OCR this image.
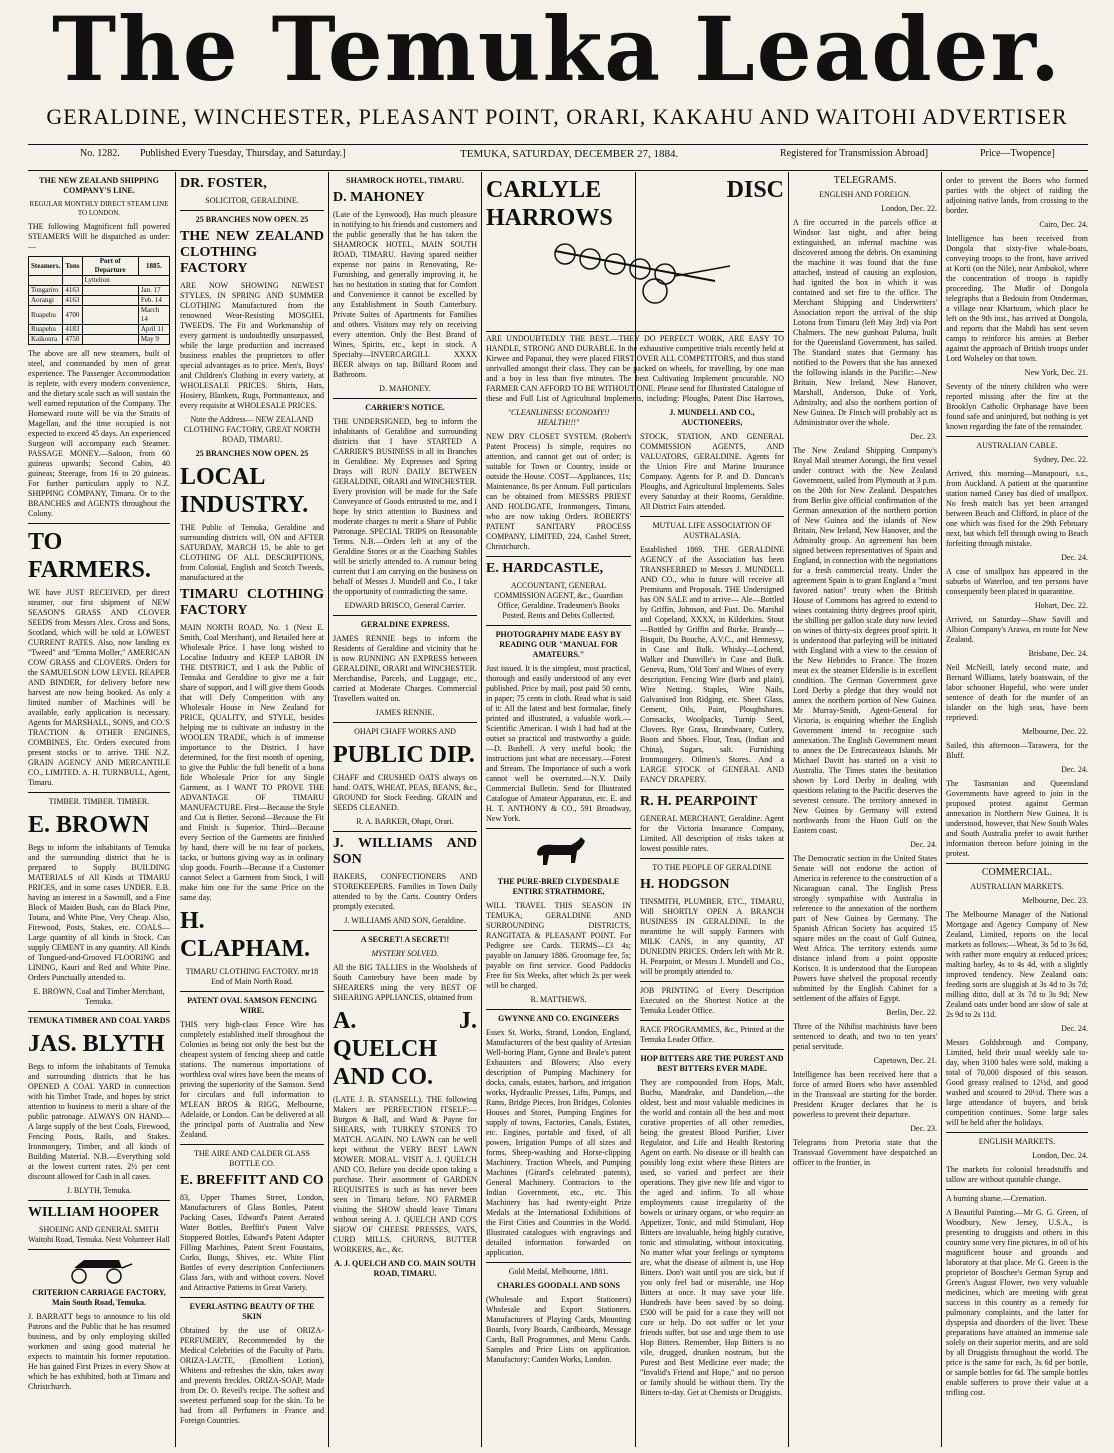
The Temuka Leader.
GERALDINE, WINCHESTER, PLEASANT POINT, ORARI, KAKAHU AND WAITOHI ADVERTISER
No. 1282. Published Every Tuesday, Thursday, and Saturday.]	TEMUKA, SATURDAY, DECEMBER 27, 1884.	Registered for Transmission Abroad]	Price—Twopence]

THE NEW ZEALAND SHIPPING COMPANY'S LINE.

REGULAR MONTHLY DIRECT STEAM LINE TO LONDON.

THE following Magnificent full powered STEAMERS Will be dispatched as under:—

Steamers.	Tons	Port of Departure	1885.
		Lyttelton	
Tongariro	4163		Jan. 17
Aorangi	4163		Feb. 14
Ruapehu	4700		March 14
Ruapehu	4183		April 11
Kaikoura	4750		May 9

The above are all new steamers, built of steel, and commanded by men of great experience. The Passenger Accommodation is replete, with every modern convenience, and the dietary scale such as will sustain the well earned reputation of the Company. The Homeward route will be via the Straits of Magellan, and the time occupied is not expected to exceed 45 days. An experienced Surgeon will accompany each Steamer. PASSAGE MONEY.—Saloon, from 60 guineas upwards; Second Cabin, 40 guineas; Steerage, from 16 to 20 guineas. For further particulars apply to N.Z. SHIPPING COMPANY, Timaru. Or to the BRANCHES and AGENTS throughout the Colony.

TO FARMERS.

WE have JUST RECEIVED, per direct steamer, our first shipment of NEW SEASON'S GRASS AND CLOVER SEEDS from Messrs Alex. Cross and Sons, Scotland, which will be sold at LOWEST CURRENT RATES. Also, now landing ex "Tweed" and "Emma Moller," AMERICAN COW GRASS and CLOVERS. Orders for the SAMUELSON LOW LEVEL REAPER AND BINDER, for delivery before new harvest are now being booked. As only a limited number of Machines will be available, early application is necessary. Agents for MARSHALL, SONS, and CO.'S TRACTION & OTHER ENGINES, COMBINES, Etc. Orders executed from present stocks or to arrive. THE N.Z. GRAIN AGENCY AND MERCANTILE CO., LIMITED. A. H. TURNBULL, Agent, Timaru.

TIMBER. TIMBER. TIMBER.

E. BROWN

Begs to inform the inhabitants of Temuka and the surrounding district that he is prepared to Supply BUILDING MATERIALS of All Kinds at TIMARU PRICES, and in some cases UNDER. E.B. having an interest in a Sawmill, and a Fine Block of Maiden Bush, can do Black Pine, Totara, and White Pine, Very Cheap. Also, Firewood, Posts, Stakes, etc. COALS—Large quantity of all kinds in Stock. Can supply CEMENT in any quantity. All Kinds of Tongued-and-Grooved FLOORING and LINING, Kauri and Red and White Pine. Orders Punctually attended to.

E. BROWN, Coal and Timber Merchant, Temuka.

TEMUKA TIMBER AND COAL YARDS

JAS. BLYTH

Begs to inform the inhabitants of Temuka and surrounding districts that he has OPENED A COAL YARD in connection with his Timber Trade, and hopes by strict attention to business to merit a share of the public patronage. ALWAYS ON HAND— A large supply of the best Coals, Firewood, Fencing Posts, Rails, and Stakes. Ironmongery, Timber, and all kinds of Building Material. N.B.—Everything sold at the lowest current rates. 2½ per cent discount allowed for Cash in all cases.

J. BLYTH, Temuka.

WILLIAM HOOPER

SHOEING AND GENERAL SMITH Waitohi Road, Temuka. Next Volunteer Hall

CRITERION CARRIAGE FACTORY, Main South Road, Temuka.

J. BARRATT begs to announce to his old Patrons and the Public that he has resumed business, and by only employing skilled workmen and using good material he expects to maintain his former reputation. He has gained First Prizes in every Show at which he has exhibited, both at Timaru and Christchurch.

DR. FOSTER,

SOLICITOR, GERALDINE.

25 BRANCHES NOW OPEN. 25

THE NEW ZEALAND CLOTHING FACTORY

ARE NOW SHOWING NEWEST STYLES, IN SPRING AND SUMMER CLOTHING Manufactured from the renowned Wear-Resisting MOSGIEL TWEEDS. The Fit and Workmanship of every garment is undoubtedly unsurpassed, while the large production and increased business enables the proprietors to offer special advantages as to price. Men's, Boys' and Children's Clothing in every variety, at WHOLESALE PRICES. Shirts, Hats, Hosiery, Blankets, Rugs, Portmanteaux, and every requisite at WHOLESALE PRICES.

Note the Address— NEW ZEALAND CLOTHING FACTORY, GREAT NORTH ROAD, TIMARU.

25 BRANCHES NOW OPEN. 25

LOCAL INDUSTRY.

THE Public of Temuka, Geraldine and surrounding districts will, ON and AFTER SATURDAY, MARCH 15, be able to get CLOTHING OF ALL DESCRIPTIONS, from Colonial, English and Scotch Tweeds, manufactured at the

TIMARU CLOTHING FACTORY

MAIN NORTH ROAD, No. 1 (Next E. Smith, Coal Merchant), and Retailed here at Wholesale Price. I have long wished to Localise Industry and KEEP LABOR IN THE DISTRICT, and I ask the Public of Temuka and Geraldine to give me a fair share of support, and I will give them Goods that will Defy Competition with any Wholesale House in New Zealand for PRICE, QUALITY, and STYLE, besides helping me to cultivate an industry in the WOOLEN TRADE, which is of immense importance to the District. I have determined, for the first month of opening, to give the Public the full benefit of a bona fide Wholesale Price for any Single Garment, as I WANT TO PROVE THE ADVANTAGE OF TIMARU MANUFACTURE. First—Because the Style and Cut is Better. Second—Because the Fit and Finish is Superior. Third—Because every Section of the Garments are finished by hand, there will be no fear of pockets, tacks, or buttons giving way as in ordinary slop goods. Fourth—Because if a Customer cannot Select a Garment from Stock, I will make him one for the same Price on the same day.

H. CLAPHAM.

TIMARU CLOTHING FACTORY. mr18 End of Main North Road.

PATENT OVAL SAMSON FENCING WIRE.

THIS very high-class Fence Wire has completely established itself throughout the Colonies as being not only the best but the cheapest system of fencing sheep and cattle stations. The numerous importations of worthless oval wires have been the means of proving the superiority of the Samson. Send for circulars and full information to M'LEAN BROS & RIGG, Melbourne, Adelaide, or London. Can be delivered at all the principal ports of Australia and New Zealand.

THE AIRE AND CALDER GLASS BOTTLE CO.

E. BREFFITT AND CO

83, Upper Thames Street, London, Manufacturers of Glass Bottles, Patent Packing Cases, Edward's Patent Aerated Water Bottles, Breffitt's Patent Valve Stoppered Bottles, Edward's Patent Adapter Filling Machines, Patent Scent Fountains, Corks, Bungs, Shives, etc. White Flint Bottles of every description Confectioners Glass Jars, with and without covers. Novel and Attractive Patterns in Great Variety.

EVERLASTING BEAUTY OF THE SKIN

Obtained by the use of ORIZA-PERFUMERY, Recommended by the Medical Celebrities of the Faculty of Paris. ORIZA-LACTE, (Emollient Lotion), Whitens and refreshes the skin, takes away and prevents freckles. ORIZA-SOAP, Made from Dr. O. Reveil's recipe. The softest and sweetest perfumed soap for the skin. To be had from all Perfumers in France and Foreign Countries.

SHAMROCK HOTEL, TIMARU.

D. MAHONEY

(Late of the Lynwood), Has much pleasure in notifying to his friends and customers and the public generally that he has taken the SHAMROCK HOTEL, MAIN SOUTH ROAD, TIMARU. Having spared neither expense nor pains in Renovating, Re-Furnishing, and generally improving it, he has no hesitation in stating that for Comfort and Convenience it cannot be excelled by any Establishment in South Canterbury. Private Suites of Apartments for Families and others. Visitors may rely on receiving every attention. Only the Best Brand of Wines, Spirits, etc., kept in stock. A Specialty—INVERCARGILL XXXX BEER always on tap. Billiard Room and Bathroom.

D. MAHONEY.

CARRIER'S NOTICE.

THE UNDERSIGNED, beg to inform the inhabitants of Geraldine and surrounding districts that I have STARTED A CARRIER'S BUSINESS in all its Branches in Geraldine. My Expresses and Spring Drays will RUN DAILY BETWEEN GERALDINE, ORARI and WINCHESTER. Every provision will be made for the Safe Conveyance of Goods entrusted to me, and I hope by strict attention to Business and moderate charges to merit a Share of Public Patronage. SPECIAL TRIPS on Reasonable Terms. N.B.—Orders left at any of the Geraldine Stores or at the Coaching Stables will be strictly attended to. A rumour being current that I am carrying on the business on behalf of Messrs J. Mundell and Co., I take the opportunity of contradicting the same.

EDWARD BRISCO, General Carrier.

GERALDINE EXPRESS.

JAMES RENNIE begs to inform the Residents of Geraldine and vicinity that he is now RUNNING AN EXPRESS between GERALDINE, ORARI and WINCHESTER. Merchandise, Parcels, and Luggage, etc., carried at Moderate Charges. Commercial Travellers waited on.

JAMES RENNIE.

OHAPI CHAFF WORKS AND

PUBLIC DIP.

CHAFF and CRUSHED OATS always on hand. OATS, WHEAT, PEAS, BEANS, &c., GROUND for Stock Feeding. GRAIN and SEEDS CLEANED.

R. A. BARKER, Ohapi, Orari.

J. WILLIAMS AND SON

BAKERS, CONFECTIONERS AND STOREKEEPERS. Families in Town Daily attended to by the Carts. Country Orders promptly executed.

J. WILLIAMS AND SON, Geraldine.

A SECRET! A SECRET!!

MYSTERY SOLVED.

All the BIG TALLIES in the Woolsheds of South Canterbury have been made by SHEARERS using the very BEST OF SHEARING APPLIANCES, obtained from

A. J. QUELCH AND CO.

(LATE J. B. STANSELL). THE following Makers are PERFECTION ITSELF:—Burgon & Ball, and Ward & Payne for SHEARS, with TURKEY STONES TO MATCH. AGAIN. NO LAWN can be well kept without the VERY BEST LAWN MOWER. MORAL. VISIT A. J. QUELCH AND CO. Before you decide upon taking a purchase. Their assortment of GARDEN REQUISITES is such as has never been seen in Timaru before. NO FARMER visiting the SHOW should leave Timaru without seeing A. J. QUELCH AND CO'S SHOW OF CHEESE PRESSES, VATS, CURD MILLS, CHURNS, BUTTER WORKERS, &c., &c.

A. J. QUELCH AND CO. MAIN SOUTH ROAD, TIMARU.

CARLYLE DISC HARROWS

ARE UNDOUBTEDLY THE BEST.—THEY DO PERFECT WORK, ARE EASY TO HANDLE, STRONG AND DURABLE. In the exhaustive competitive trials recently held at Kirwee and Papanui, they were placed FIRST OVER ALL COMPETITORS, and thus stand unrivalled amongst their class. They can be packed on wheels, for travelling, by one man and a boy in less than five minutes. The best Cultivating Implement procurable. NO FARMER CAN AFFORD TO BE WITHOUT ONE. Please send for Illustrated Catalogue of these and Full List of Agricultural Implements, including: Ploughs, Patent Disc Harrows,

"CLEANLINESS! ECONOMY!! HEALTH!!!"

NEW DRY CLOSET SYSTEM. (Robert's Patent Process) Is simple, requires no attention, and cannot get out of order; is suitable for Town or Country, inside or outside the House. COST—Appliances, 11s; Maintenance, 8s per Annum. Full particulars can be obtained from MESSRS PRIEST AND HOLDGATE, Ironmongers, Timaru, who are now taking Orders. ROBERTS' PATENT SANITARY PROCESS COMPANY, LIMITED, 224, Cashel Street, Christchurch.

E. HARDCASTLE,

ACCOUNTANT, GENERAL COMMISSION AGENT, &c., Guardian Office, Geraldine. Tradesmen's Books Posted. Rents and Debts Collected.

PHOTOGRAPHY MADE EASY BY READING OUR "MANUAL FOR AMATEURS."

Just issued. It is the simplest, most practical, thorough and easily understood of any ever published. Price by mail, post paid 50 cents, in paper; 75 cents in cloth. Read what is said of it: All the latest and best formulae, finely printed and illustrated, a valuable work.—Scientific American. I wish I had had at the outset so practical and trustworthy a guide.—D. Bushell. A very useful book; the instructions just what are necessary.—Forest and Stream. The Importance of such a work cannot well be overrated.—N.Y. Daily Commercial Bulletin. Send for Illustrated Catalogue of Amateur Apparatus, etc. E. and H. T. ANTHONY & CO., 591 Broadway, New York.

THE PURE-BRED CLYDESDALE ENTIRE STRATHMORE,

WILL TRAVEL THIS SEASON IN TEMUKA, GERALDINE AND SURROUNDING DISTRICTS, RANGITATA & PLEASANT POINT. For Pedigree see Cards. TERMS—£3 4s; payable on January 1886. Groomage fee, 5s; payable on first service. Good Paddocks Free for Six Weeks, after which 2s per week will be charged.

R. MATTHEWS.

GWYNNE AND CO. ENGINEERS

Essex St. Works, Strand, London, England, Manufacturers of the best quality of Artesian Well-boring Plant, Gynne and Beale's patent Exhausters and Blowers; Also every description of Pumping Machinery for docks, canals, estates, harbors, and irrigation works, Hydraulic Presses, Lifts, Pumps, and Rams, Bridge Pieces, Iron Bridges, Colonies Houses and Stores, Pumping Engines for supply of towns, Factories, Canals, Estates, etc. Engines, portable and fixed, of all powers, Irrigation Pumps of all sizes and forms, Sheep-washing and Horse-clipping Machinery. Traction Wheels, and Pumping Machines (Girard's celebrated patents), General Machinery. Contractors to the Indian Government, etc., etc. This Machinery has had twenty-eight Prize Medals at the International Exhibitions of the First Cities and Countries in the World. Illustrated catalogues with engravings and detailed information forwarded on application.

Gold Medal, Melbourne, 1881.

CHARLES GOODALL AND SONS

(Wholesale and Export Stationers) Wholesale and Export Stationers. Manufacturers of Playing Cards, Mounting Boards, Ivory Boards, Cardboards, Message Cards, Ball Programmes, and Menu Cards. Samples and Price Lists on application. Manufactory: Camden Works, London.

J. MUNDELL AND CO., AUCTIONEERS,

STOCK, STATION, AND GENERAL COMMISSION AGENTS, AND VALUATORS, GERALDINE. Agents for the Union Fire and Marine Insurance Company. Agents for P. and D. Duncan's Ploughs, and Agricultural Implements. Sales every Saturday at their Rooms, Geraldine. All District Fairs attended.

MUTUAL LIFE ASSOCIATION OF AUSTRALASIA.

Established 1869. THE GERALDINE AGENCY of the Association has been TRANSFERRED to Messrs J. MUNDELL AND CO., who in future will receive all Premiums and Proposals. THE Undersigned has ON SALE and to arrive— Ale—Bottled by Griffin, Johnson, and Fust. Do. Marshal and Copeland, XXXX, in Kilderkins. Stout—Bottled by Griffin and Burke. Brandy—Bisquit, Du Bouche, A.V.C., and Hennessy, in Case and Bulk. Whisky—Lochend, Walker and Dunville's in Case and Bulk. Geneva, Rum, 'Old Tom' and Wines of every description. Fencing Wire (barb and plain), Wire Netting. Staples, Wire Nails, Galvanised Iron Ridging, etc. Sheet Glass, Cement, Oils, Paint, Ploughshares. Cornsacks, Woolpacks, Turnip Seed, Clovers. Rye Grass, Brandwaare, Cutlery, Boots and Shoes. Flour, Teas, (Indian and China), Sugars, salt. Furnishing Ironmongery. Oilmen's Stores. And a LARGE STOCK of GENERAL AND FANCY DRAPERY.

R. H. PEARPOINT

GENERAL MERCHANT, Geraldine. Agent for the Victoria Insurance Company, Limited. All description of risks taken at lowest possible rates.

TO THE PEOPLE OF GERALDINE

H. HODGSON

TINSMITH, PLUMBER, ETC., TIMARU, Will SHORTLY OPEN A BRANCH BUSINESS IN GERALDINE. In the meantime he will supply Farmers with MILK CANS, in any quantity, AT DUNEDIN PRICES. Orders left with Mr R. H. Pearpoint, or Messrs J. Mundell and Co., will be promptly attended to.

JOB PRINTING of Every Description Executed on the Shortest Notice at the Temuka Leader Office.

RACE PROGRAMMES, &c., Printed at the Temuka Leader Office.

HOP BITTERS ARE THE PUREST AND BEST BITTERS EVER MADE.

They are compounded from Hops, Malt, Buchu, Mandrake, and Dandelion,—the oldest, best and most valuable medicines in the world and contain all the best and most curative properties of all other remedies, being the greatest Blood Purifier, Liver Regulator, and Life and Health Restoring Agent on earth. No disease or ill health can possibly long exist where these Bitters are used, so varied and perfect are their operations. They give new life and vigor to the aged and infirm. To all whose employments cause irregularity of the bowels or urinary organs, or who require an Appetizer, Tonic, and mild Stimulant, Hop Bitters are invaluable, being highly curative, tonic and stimulating, without intoxicating. No matter what your feelings or symptoms are, what the disease of ailment is, use Hop Bitters. Don't wait until you are sick, but if you only feel bad or miserable, use Hop Bitters at once. It may save your life. Hundreds have been saved by so doing. £500 will be paid for a case they will not cure or help. Do not suffer or let your friends suffer, but use and urge them to use Hop Bitters. Remember, Hop Bitters is no vile, drugged, drunken nostrum, but the Purest and Best Medicine ever made; the "Invalid's Friend and Hope," and no person or family should be without them. Try the Bitters to-day. Get at Chemists or Druggists.

TELEGRAMS.

ENGLISH AND FOREIGN.

London, Dec. 22.

A fire occurred in the parcels office at Windsor last night, and after being extinguished, an infernal machine was discovered among the debris. On examining the machine it was found that the fuse attached, instead of causing an explosion, had ignited the box in which it was contained and set fire to the office. The Merchant Shipping and Underwriters' Association report the arrival of the ship Lotona from Timaru (left May 3rd) via Port Chalmers. The new gunboat Paluma, built for the Queensland Government, has sailed. The Standard states that Germany has notified to the Powers that she has annexed the following islands in the Pacific:—New Britain, New Ireland, New Hanover, Marshall, Anderson, Duke of York, Admiralty, and also the northern portion of New Guinea. Dr Finsch will probably act as Administrator over the whole.

Dec. 23.

The New Zealand Shipping Company's Royal Mail steamer Aorangi, the first vessel under contract with the New Zealand Government, sailed from Plymouth at 3 p.m. on the 20th for New Zealand. Despatches from Berlin give official confirmation of the German annexation of the northern portion of New Guinea and the islands of New Britain, New Ireland, New Hanover, and the Admiralty group. An agreement has been signed between representatives of Spain and England, in connection with the negotiations for a fresh commercial treaty. Under the agreement Spain is to grant England a "most favored nation" treaty when the British House of Commons has agreed to extend to wines containing thirty degrees proof spirit, the shilling per gallon scale duty now levied on wines of thirty-six degrees proof spirit. It is understood that parleying will be initiated with England with a view to the cession of the New Hebrides to France. The frozen meat ex the steamer Elderslie is in excellent condition. The German Government gave Lord Derby a pledge that they would not annex the northern portion of New Guinea. Mr Murray-Smith, Agent-General for Victoria, is enquiring whether the English Government intend to recognise such annexation. The English Government meant to annex the De Entrecasteaux Islands. Mr Michael Davitt has started on a visit to Australia. The Times states the hesitation shown by Lord Derby in dealing with questions relating to the Pacific deserves the severest censure. The territory annexed in New Guinea by Germany will extend northwards from the Huon Gulf on the Eastern coast.

Dec. 24.

The Democratic section in the United States Senate will not endorse the action of America in reference to the construction of a Nicaraguan canal. The English Press strongly sympathise with Australia in reference to the annexation of the northern part of New Guinea by Germany. The Spanish African Society has acquired 15 square miles on the coast of Gulf Guinea, West Africa. The territory extends some distance inland from a point opposite Korisco. It is understood that the European Powers have shelved the proposal recently submitted by the English Cabinet for a settlement of the affairs of Egypt.

Berlin, Dec. 22.

Three of the Nihilist machinists have been sentenced to death, and two to ten years' penal servitude.

Capetown, Dec. 21.

Intelligence has been received here that a force of armed Boers who have assembled in the Transvaal are starting for the border. President Kruger declares that he is powerless to prevent their departure.

Dec. 23.

Telegrams from Pretoria state that the Transvaal Government have despatched an officer to the frontier, in

order to prevent the Boers who formed parties with the object of raiding the adjoining native lands, from crossing to the border.

Cairo, Dec. 24.

Intelligence has been received from Dongola that sixty-five whale-boats, conveying troops to the front, have arrived at Korti (on the Nile), near Ambukol, where the concentration of troops is rapidly proceeding. The Mudir of Dongola telegraphs that a Bedouin from Omderman, a village near Khartoum, which place he left on the 9th inst., has arrived at Dongola, and reports that the Mahdi has sent seven camps to reinforce his armies at Berber against the approach of British troops under Lord Wolseley on that town.

New York, Dec. 21.

Seventy of the ninety children who were reported missing after the fire at the Brooklyn Catholic Orphanage have been found safe and uninjured, but nothing is yet known regarding the fate of the remainder.

AUSTRALIAN CABLE.

Sydney, Dec. 22.

Arrived, this morning—Manapouri, s.s., from Auckland. A patient at the quarantine station named Casey has died of smallpox. No fresh match has yet been arranged between Beach and Clifford, in place of the one which was fixed for the 29th February next, but which fell through owing to Beach forfeiting through mistake.

Dec. 24.

A case of smallpox has appeared in the suburbs of Waterloo, and ten persons have consequently been placed in quarantine.

Hobart, Dec. 22.

Arrived, on Saturday—Shaw Savill and Albion Company's Arawa, en route for New Zealand.

Brisbane, Dec. 24.

Neil McNeill, lately second mate, and Bernard Williams, lately boatswain, of the labor schooner Hopeful, who were under sentence of death for the murder of an islander on the high seas, have been reprieved.

Melbourne, Dec. 22.

Sailed, this afternoon—Tarawera, for the Bluff.

Dec. 24.

The Tasmanian and Queensland Governments have agreed to join in the proposed protest against German annexation in Northern New Guinea. It is understood, however, that New South Wales and South Australia prefer to await further information thereon before joining in the protest.

COMMERCIAL.

AUSTRALIAN MARKETS.

Melbourne, Dec. 23.

The Melbourne Manager of the National Mortgage and Agency Company of New Zealand, Limited, reports on the local markets as follows:—Wheat, 3s 5d to 3s 6d, with rather more enquiry at reduced prices; malting barley, 4s to 4s 4d, with a slightly improved tendency. New Zealand oats: feeding sorts are sluggish at 3s 4d to 3s 7d; milling ditto, dull at 3s 7d to 3s 9d; New Zealand oats under bond are slow of sale at 2s 9d to 2s 11d.

Dec. 24.

Messrs Goldsbrough and Company, Limited, held their usual weekly sale to-day, when 3100 bales were sold, making a total of 70,000 disposed of this season. Good greasy realised to 12½d, and good washed and scoured to 20½d. There was a large attendance of buyers, and brisk competition continues. Some large sales will be held after the holidays.

ENGLISH MARKETS.

London, Dec. 24.

The markets for colonial breadstuffs and tallow are without quotable change.

A burning shame.—Cremation.

A Beautiful Painting.—Mr G. G. Green, of Woodbury, New Jersey, U.S.A., is presenting to druggists and others in this country some very fine pictures, in oil of his magnificent house and grounds and laboratory at that place. Mr G. Green is the proprietor of Boschee's German Syrup and Green's August Flower, two very valuable medicines, which are meeting with great success in this country as a remedy for pulmonary complaints, and the latter for dyspepsia and disorders of the liver. These preparations have attained an immense sale solely on their superior merits, and are sold by all Druggists throughout the world. The price is the same for each, 3s 6d per bottle, or sample bottles for 6d. The sample bottles enable sufferers to prove their value at a trifling cost.
